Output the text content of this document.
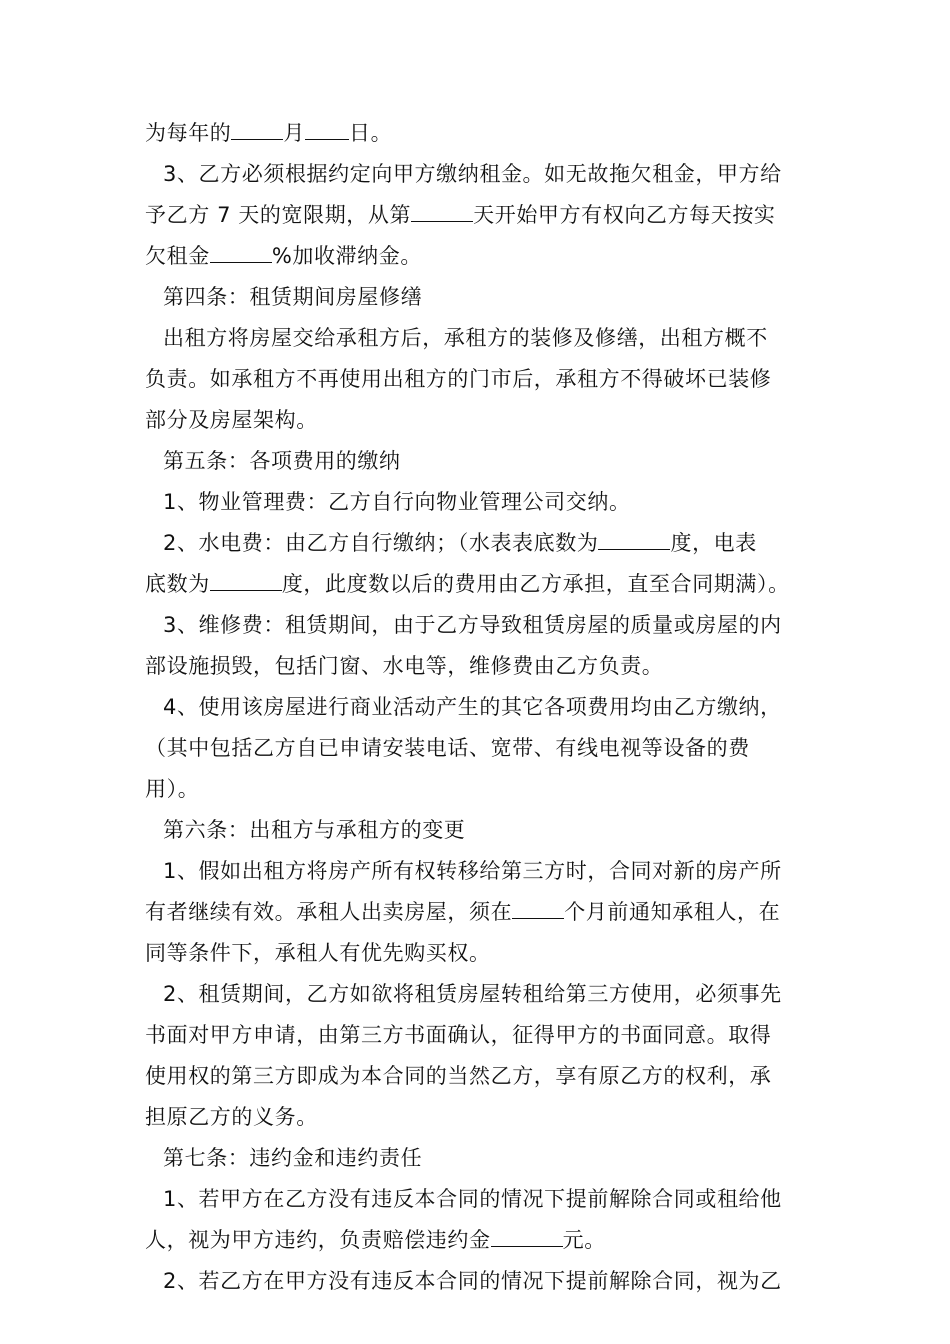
为每年的 月 日。
3、乙方必须根据约定向甲方缴纳租金。如无故拖欠租金，甲方给
予乙方 7 天的宽限期，从第	天开始甲方有权向乙方每天按实
欠租金	%加收滞纳金。
第四条：租赁期间房屋修缮
出租方将房屋交给承租方后，承租方的装修及修缮，出租方概不
负责。如承租方不再使用出租方的门市后，承租方不得破坏已装修
部分及房屋架构。
第五条：各项费用的缴纳
1、物业管理费：乙方自行向物业管理公司交纳。
2、水电费：由乙方自行缴纳；（水表表底数为	度，电表
底数为	度，此度数以后的费用由乙方承担，直至合同期满）。
3、维修费：租赁期间，由于乙方导致租赁房屋的质量或房屋的内
部设施损毁，包括门窗、水电等，维修费由乙方负责。
4、使用该房屋进行商业活动产生的其它各项费用均由乙方缴纳，
（其中包括乙方自已申请安装电话、宽带、有线电视等设备的费
用）。
第六条：出租方与承租方的变更
1、假如出租方将房产所有权转移给第三方时，合同对新的房产所
有者继续有效。承租人出卖房屋，须在 个月前通知承租人，在
同等条件下，承租人有优先购买权。
2、租赁期间，乙方如欲将租赁房屋转租给第三方使用，必须事先
书面对甲方申请，由第三方书面确认，征得甲方的书面同意。取得
使用权的第三方即成为本合同的当然乙方，享有原乙方的权利，承
担原乙方的义务。
第七条：违约金和违约责任
1、若甲方在乙方没有违反本合同的情况下提前解除合同或租给他
人，视为甲方违约，负责赔偿违约金	元。
2、若乙方在甲方没有违反本合同的情况下提前解除合同，视为乙
